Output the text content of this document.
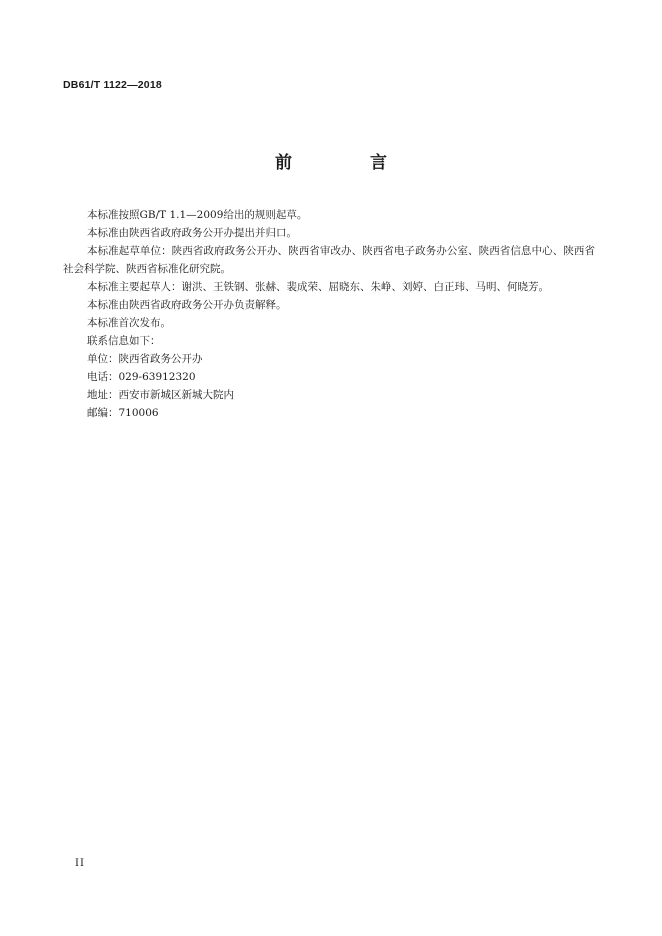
DB61/T 1122—2018
前 言

本标准按照GB/T 1.1—2009给出的规则起草。

本标准由陕西省政府政务公开办提出并归口。

本标准起草单位：陕西省政府政务公开办、陕西省审改办、陕西省电子政务办公室、陕西省信息中心、陕西省社会科学院、陕西省标准化研究院。

本标准主要起草人：谢洪、王铁钢、张赫、裴成荣、屈晓东、朱峥、刘婷、白正玮、马明、何晓芳。

本标准由陕西省政府政务公开办负责解释。

本标准首次发布。

联系信息如下：

单位：陕西省政务公开办

电话：029-63912320

地址：西安市新城区新城大院内

邮编：710006

II
